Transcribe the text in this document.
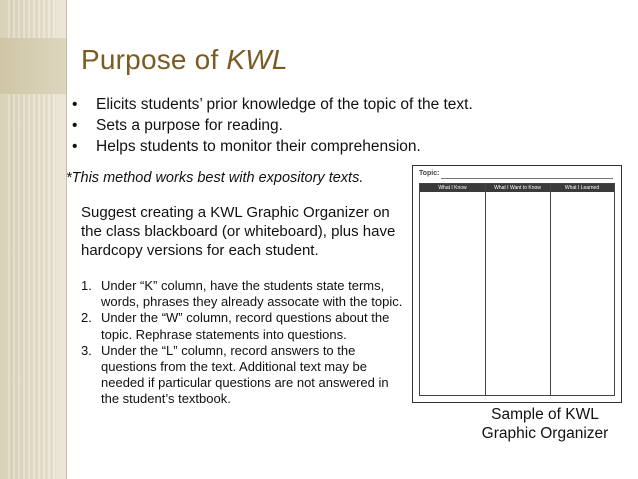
Purpose of KWL
• Elicits students’ prior knowledge of the topic of the text.
• Sets a purpose for reading.
• Helps students to monitor their comprehension.
*This method works best with expository texts.

Suggest creating a KWL Graphic Organizer on the class blackboard (or whiteboard), plus have hardcopy versions for each student.

1. Under “K” column, have the students state terms, words, phrases they already assocate with the topic.
2. Under the “W” column, record questions about the topic. Rephrase statements into questions.
3. Under the “L” column, record answers to the questions from the text. Additional text may be needed if particular questions are not answered in the student’s textbook.
Topic:
What I Know	What I Want to Know	What I Learned
Sample of KWL
Graphic Organizer
